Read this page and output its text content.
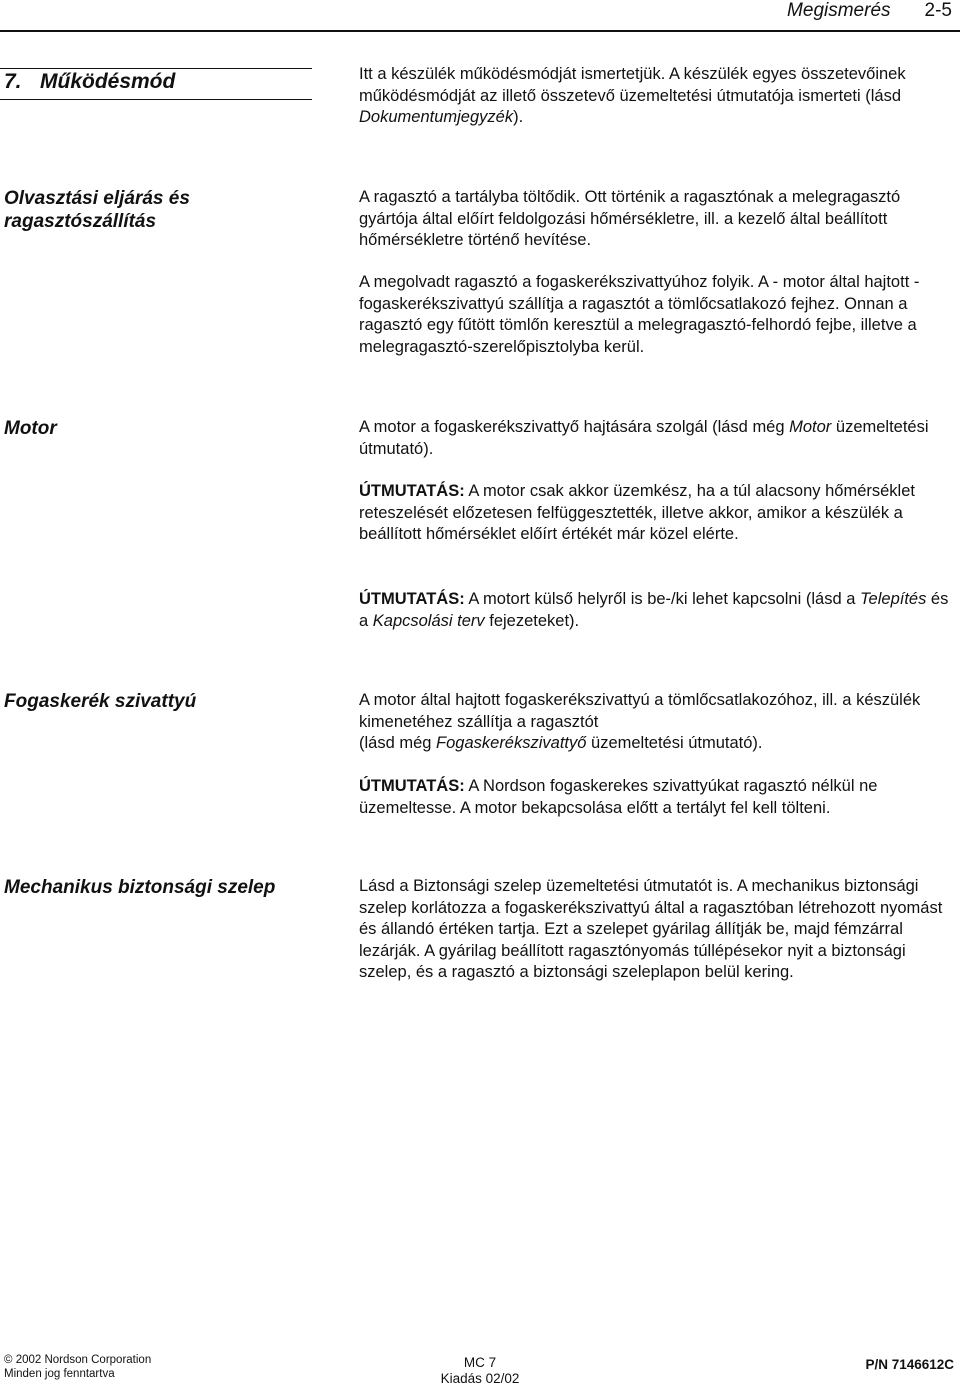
Megismerés 2-5
7. Működésmód	Itt a készülék működésmódját ismertetjük. A készülék egyes összetevőinek működésmódját az illető összetevő üzemeltetési útmutatója ismerteti (lásd Dokumentumjegyzék).

Olvasztási eljárás és ragasztószállítás

A ragasztó a tartályba töltődik. Ott történik a ragasztónak a melegragasztó gyártója által előírt feldolgozási hőmérsékletre, ill. a kezelő által beállított hőmérsékletre történő hevítése.

A megolvadt ragasztó a fogaskerékszivattyúhoz folyik. A - motor által hajtott - fogaskerékszivattyú szállítja a ragasztót a tömlőcsatlakozó fejhez. Onnan a ragasztó egy fűtött tömlőn keresztül a melegragasztó-felhordó fejbe, illetve a melegragasztó-szerelőpisztolyba kerül.

Motor	A motor a fogaskerékszivattyő hajtására szolgál (lásd még Motor üzemeltetési útmutató).

ÚTMUTATÁS: A motor csak akkor üzemkész, ha a túl alacsony hőmérséklet reteszelését előzetesen felfüggesztették, illetve akkor, amikor a készülék a beállított hőmérséklet előírt értékét már közel elérte.

ÚTMUTATÁS: A motort külső helyről is be-/ki lehet kapcsolni (lásd a Telepítés és a Kapcsolási terv fejezeteket).

Fogaskerék szivattyú	A motor által hajtott fogaskerékszivattyú a tömlőcsatlakozóhoz, ill. a készülék kimenetéhez szállítja a ragasztót
(lásd még Fogaskerékszivattyő üzemeltetési útmutató).

ÚTMUTATÁS: A Nordson fogaskerekes szivattyúkat ragasztó nélkül ne üzemeltesse. A motor bekapcsolása előtt a tertályt fel kell tölteni.

Mechanikus biztonsági szelep	Lásd a Biztonsági szelep üzemeltetési útmutatót is. A mechanikus biztonsági szelep korlátozza a fogaskerékszivattyú által a ragasztóban létrehozott nyomást és állandó értéken tartja. Ezt a szelepet gyárilag állítják be, majd fémzárral lezárják. A gyárilag beállított ragasztónyomás túllépésekor nyit a biztonsági szelep, és a ragasztó a biztonsági szeleplapon belül kering.

© 2002 Nordson Corporation
Minden jog fenntartva
MC 7
Kiadás 02/02
P/N 7146612C
